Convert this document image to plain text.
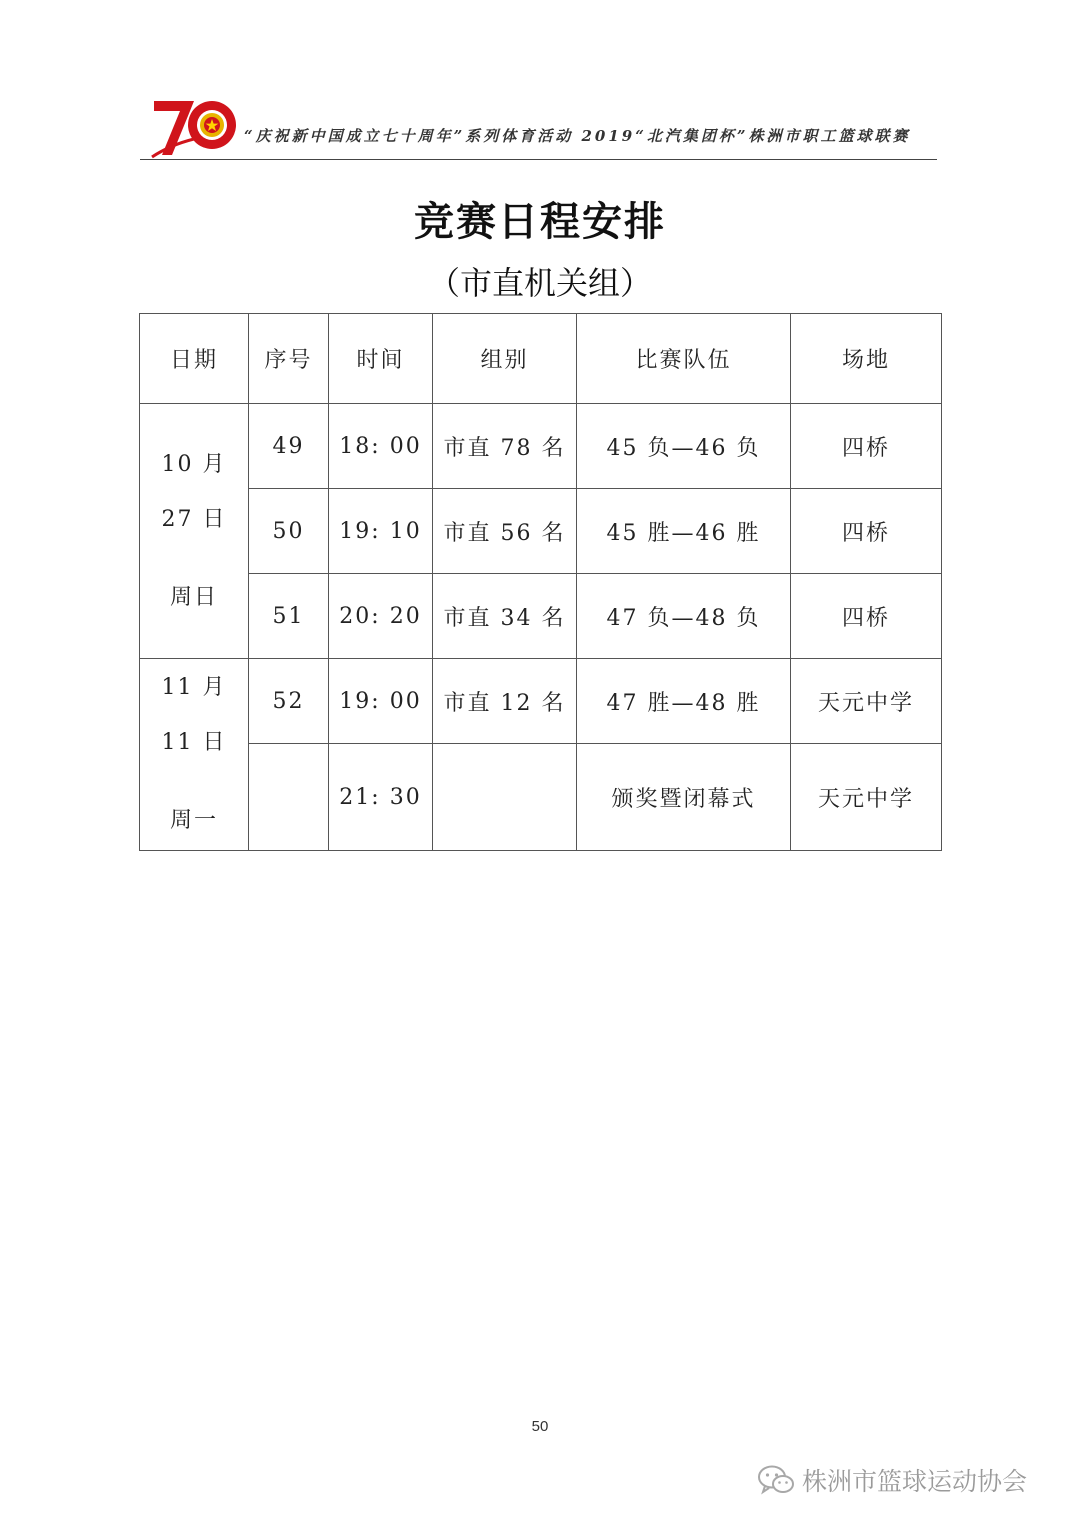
“庆祝新中国成立七十周年”系列体育活动 2019“北汽集团杯”株洲市职工篮球联赛
竞赛日程安排
（市直机关组）
日期	序号	时间	组别	比赛队伍	场地

10 月
27 日
周日	49	18: 00	市直 78 名	45 负—46 负	四桥
	50	19: 10	市直 56 名	45 胜—46 胜	四桥
	51	20: 20	市直 34 名	47 负—48 负	四桥

11 月
11 日
周一	52	19: 00	市直 12 名	47 胜—48 胜	天元中学
		21: 30		颁奖暨闭幕式	天元中学
50
株洲市篮球运动协会
